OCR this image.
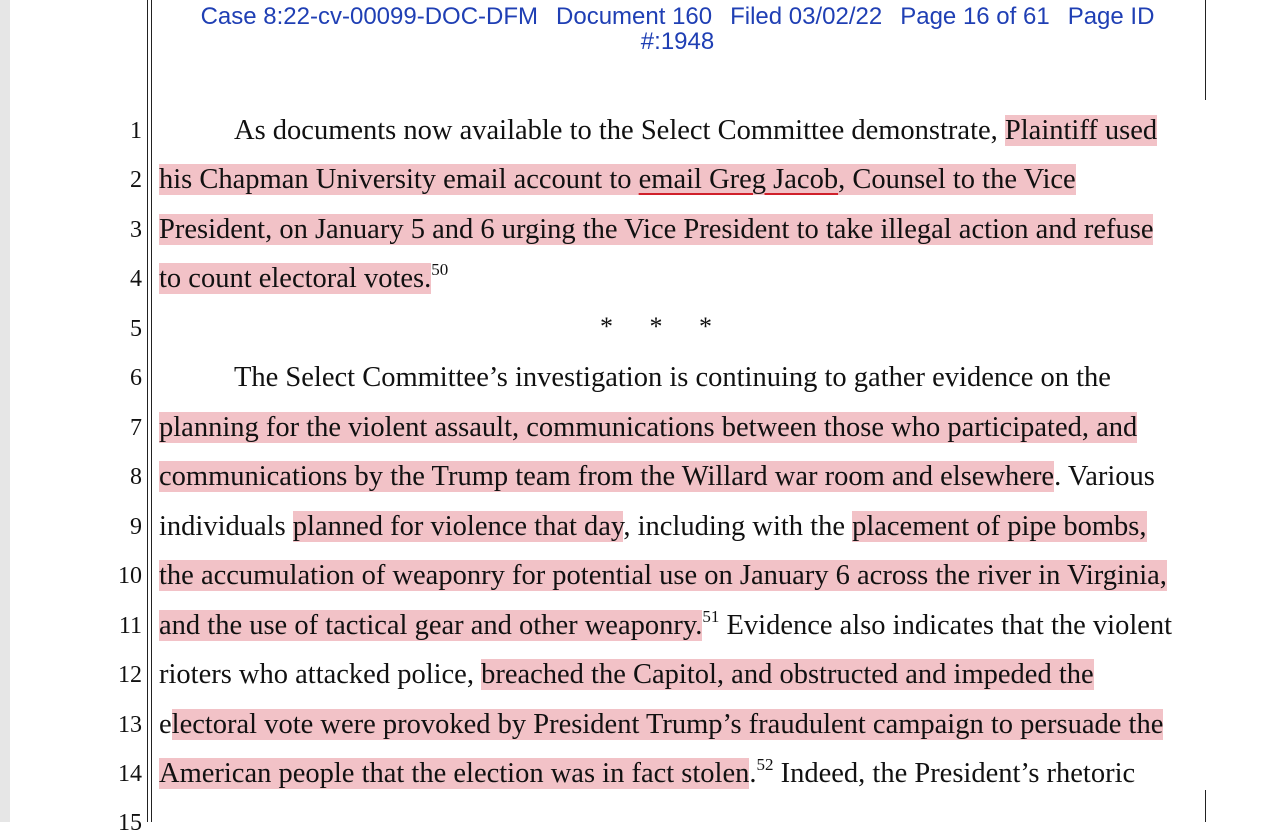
Case 8:22-cv-00099-DOC-DFM Document 160 Filed 03/02/22 Page 16 of 61 Page ID
#:1948
1
2
3
4
5
6
7
8
9
10
11
12
13
14
15
As documents now available to the Select Committee demonstrate, Plaintiff used
his Chapman University email account to email Greg Jacob, Counsel to the Vice
President, on January 5 and 6 urging the Vice President to take illegal action and refuse
to count electoral votes.$^{50}$
* * *
The Select Committee’s investigation is continuing to gather evidence on the
planning for the violent assault, communications between those who participated, and
communications by the Trump team from the Willard war room and elsewhere. Various
individuals planned for violence that day, including with the placement of pipe bombs,
the accumulation of weaponry for potential use on January 6 across the river in Virginia,
and the use of tactical gear and other weaponry.$^{51}$ Evidence also indicates that the violent
rioters who attacked police, breached the Capitol, and obstructed and impeded the
electoral vote were provoked by President Trump’s fraudulent campaign to persuade the
American people that the election was in fact stolen.$^{52}$ Indeed, the President’s rhetoric
